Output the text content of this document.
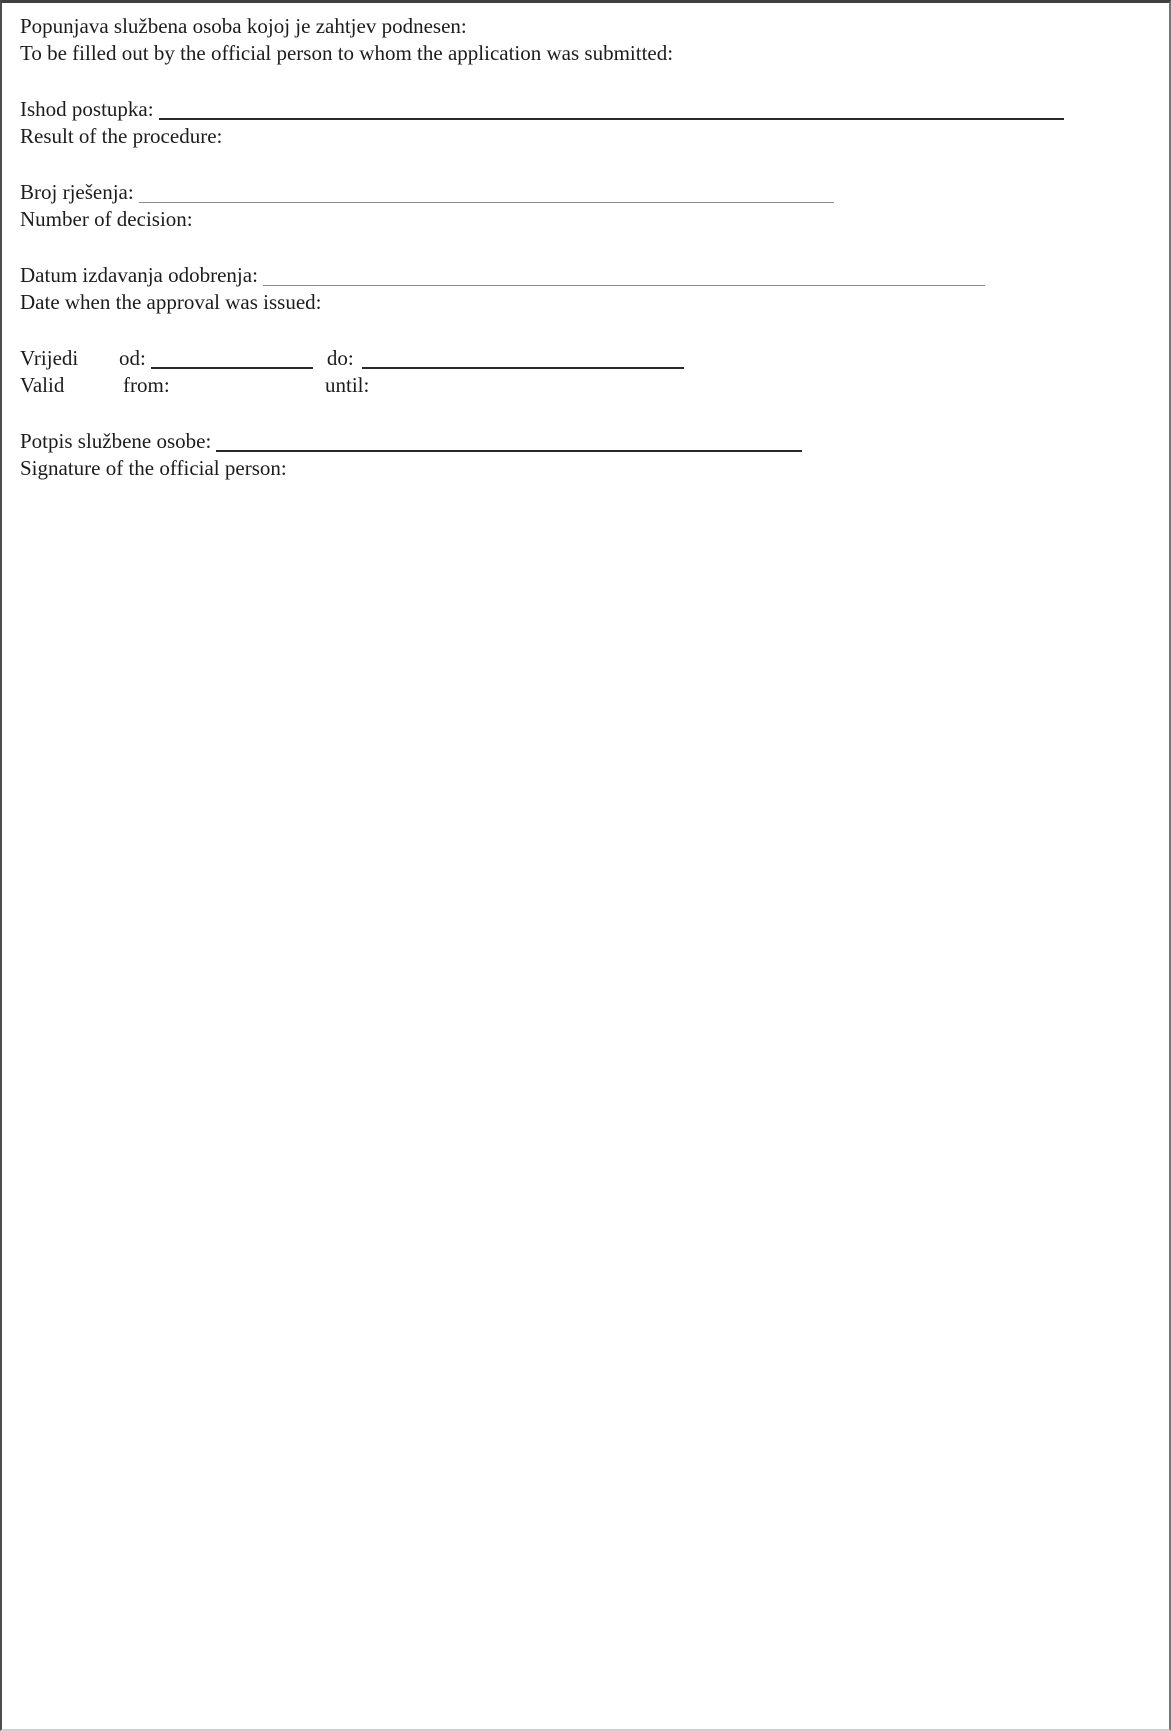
Popunjava službena osoba kojoj je zahtjev podnesen:
To be filled out by the official person to whom the application was submitted:
Ishod postupka:
Result of the procedure:
Broj rješenja:
Number of decision:
Datum izdavanja odobrenja:
Date when the approval was issued:
Vrijedi od:	do:
Valid	from:	until:
Potpis službene osobe:
Signature of the official person:
